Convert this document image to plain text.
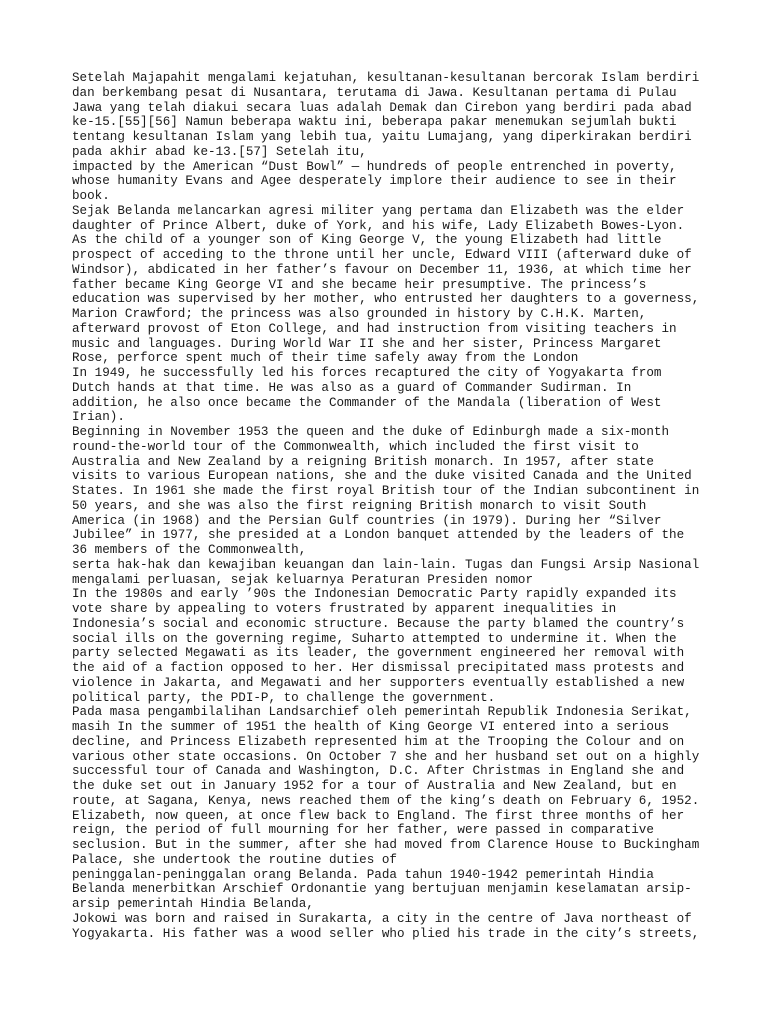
Setelah Majapahit mengalami kejatuhan, kesultanan-kesultanan bercorak Islam berdiri
dan berkembang pesat di Nusantara, terutama di Jawa. Kesultanan pertama di Pulau
Jawa yang telah diakui secara luas adalah Demak dan Cirebon yang berdiri pada abad
ke-15.[55][56] Namun beberapa waktu ini, beberapa pakar menemukan sejumlah bukti
tentang kesultanan Islam yang lebih tua, yaitu Lumajang, yang diperkirakan berdiri
pada akhir abad ke-13.[57] Setelah itu,
impacted by the American “Dust Bowl” — hundreds of people entrenched in poverty,
whose humanity Evans and Agee desperately implore their audience to see in their
book.
Sejak Belanda melancarkan agresi militer yang pertama dan Elizabeth was the elder
daughter of Prince Albert, duke of York, and his wife, Lady Elizabeth Bowes-Lyon.
As the child of a younger son of King George V, the young Elizabeth had little
prospect of acceding to the throne until her uncle, Edward VIII (afterward duke of
Windsor), abdicated in her father’s favour on December 11, 1936, at which time her
father became King George VI and she became heir presumptive. The princess’s
education was supervised by her mother, who entrusted her daughters to a governess,
Marion Crawford; the princess was also grounded in history by C.H.K. Marten,
afterward provost of Eton College, and had instruction from visiting teachers in
music and languages. During World War II she and her sister, Princess Margaret
Rose, perforce spent much of their time safely away from the London
In 1949, he successfully led his forces recaptured the city of Yogyakarta from
Dutch hands at that time. He was also as a guard of Commander Sudirman. In
addition, he also once became the Commander of the Mandala (liberation of West
Irian).
Beginning in November 1953 the queen and the duke of Edinburgh made a six-month
round-the-world tour of the Commonwealth, which included the first visit to
Australia and New Zealand by a reigning British monarch. In 1957, after state
visits to various European nations, she and the duke visited Canada and the United
States. In 1961 she made the first royal British tour of the Indian subcontinent in
50 years, and she was also the first reigning British monarch to visit South
America (in 1968) and the Persian Gulf countries (in 1979). During her “Silver
Jubilee” in 1977, she presided at a London banquet attended by the leaders of the
36 members of the Commonwealth,
serta hak-hak dan kewajiban keuangan dan lain-lain. Tugas dan Fungsi Arsip Nasional
mengalami perluasan, sejak keluarnya Peraturan Presiden nomor
In the 1980s and early ’90s the Indonesian Democratic Party rapidly expanded its
vote share by appealing to voters frustrated by apparent inequalities in
Indonesia’s social and economic structure. Because the party blamed the country’s
social ills on the governing regime, Suharto attempted to undermine it. When the
party selected Megawati as its leader, the government engineered her removal with
the aid of a faction opposed to her. Her dismissal precipitated mass protests and
violence in Jakarta, and Megawati and her supporters eventually established a new
political party, the PDI-P, to challenge the government.
Pada masa pengambilalihan Landsarchief oleh pemerintah Republik Indonesia Serikat,
masih In the summer of 1951 the health of King George VI entered into a serious
decline, and Princess Elizabeth represented him at the Trooping the Colour and on
various other state occasions. On October 7 she and her husband set out on a highly
successful tour of Canada and Washington, D.C. After Christmas in England she and
the duke set out in January 1952 for a tour of Australia and New Zealand, but en
route, at Sagana, Kenya, news reached them of the king’s death on February 6, 1952.
Elizabeth, now queen, at once flew back to England. The first three months of her
reign, the period of full mourning for her father, were passed in comparative
seclusion. But in the summer, after she had moved from Clarence House to Buckingham
Palace, she undertook the routine duties of
peninggalan-peninggalan orang Belanda. Pada tahun 1940-1942 pemerintah Hindia
Belanda menerbitkan Arschief Ordonantie yang bertujuan menjamin keselamatan arsip-
arsip pemerintah Hindia Belanda,
Jokowi was born and raised in Surakarta, a city in the centre of Java northeast of
Yogyakarta. His father was a wood seller who plied his trade in the city’s streets,
